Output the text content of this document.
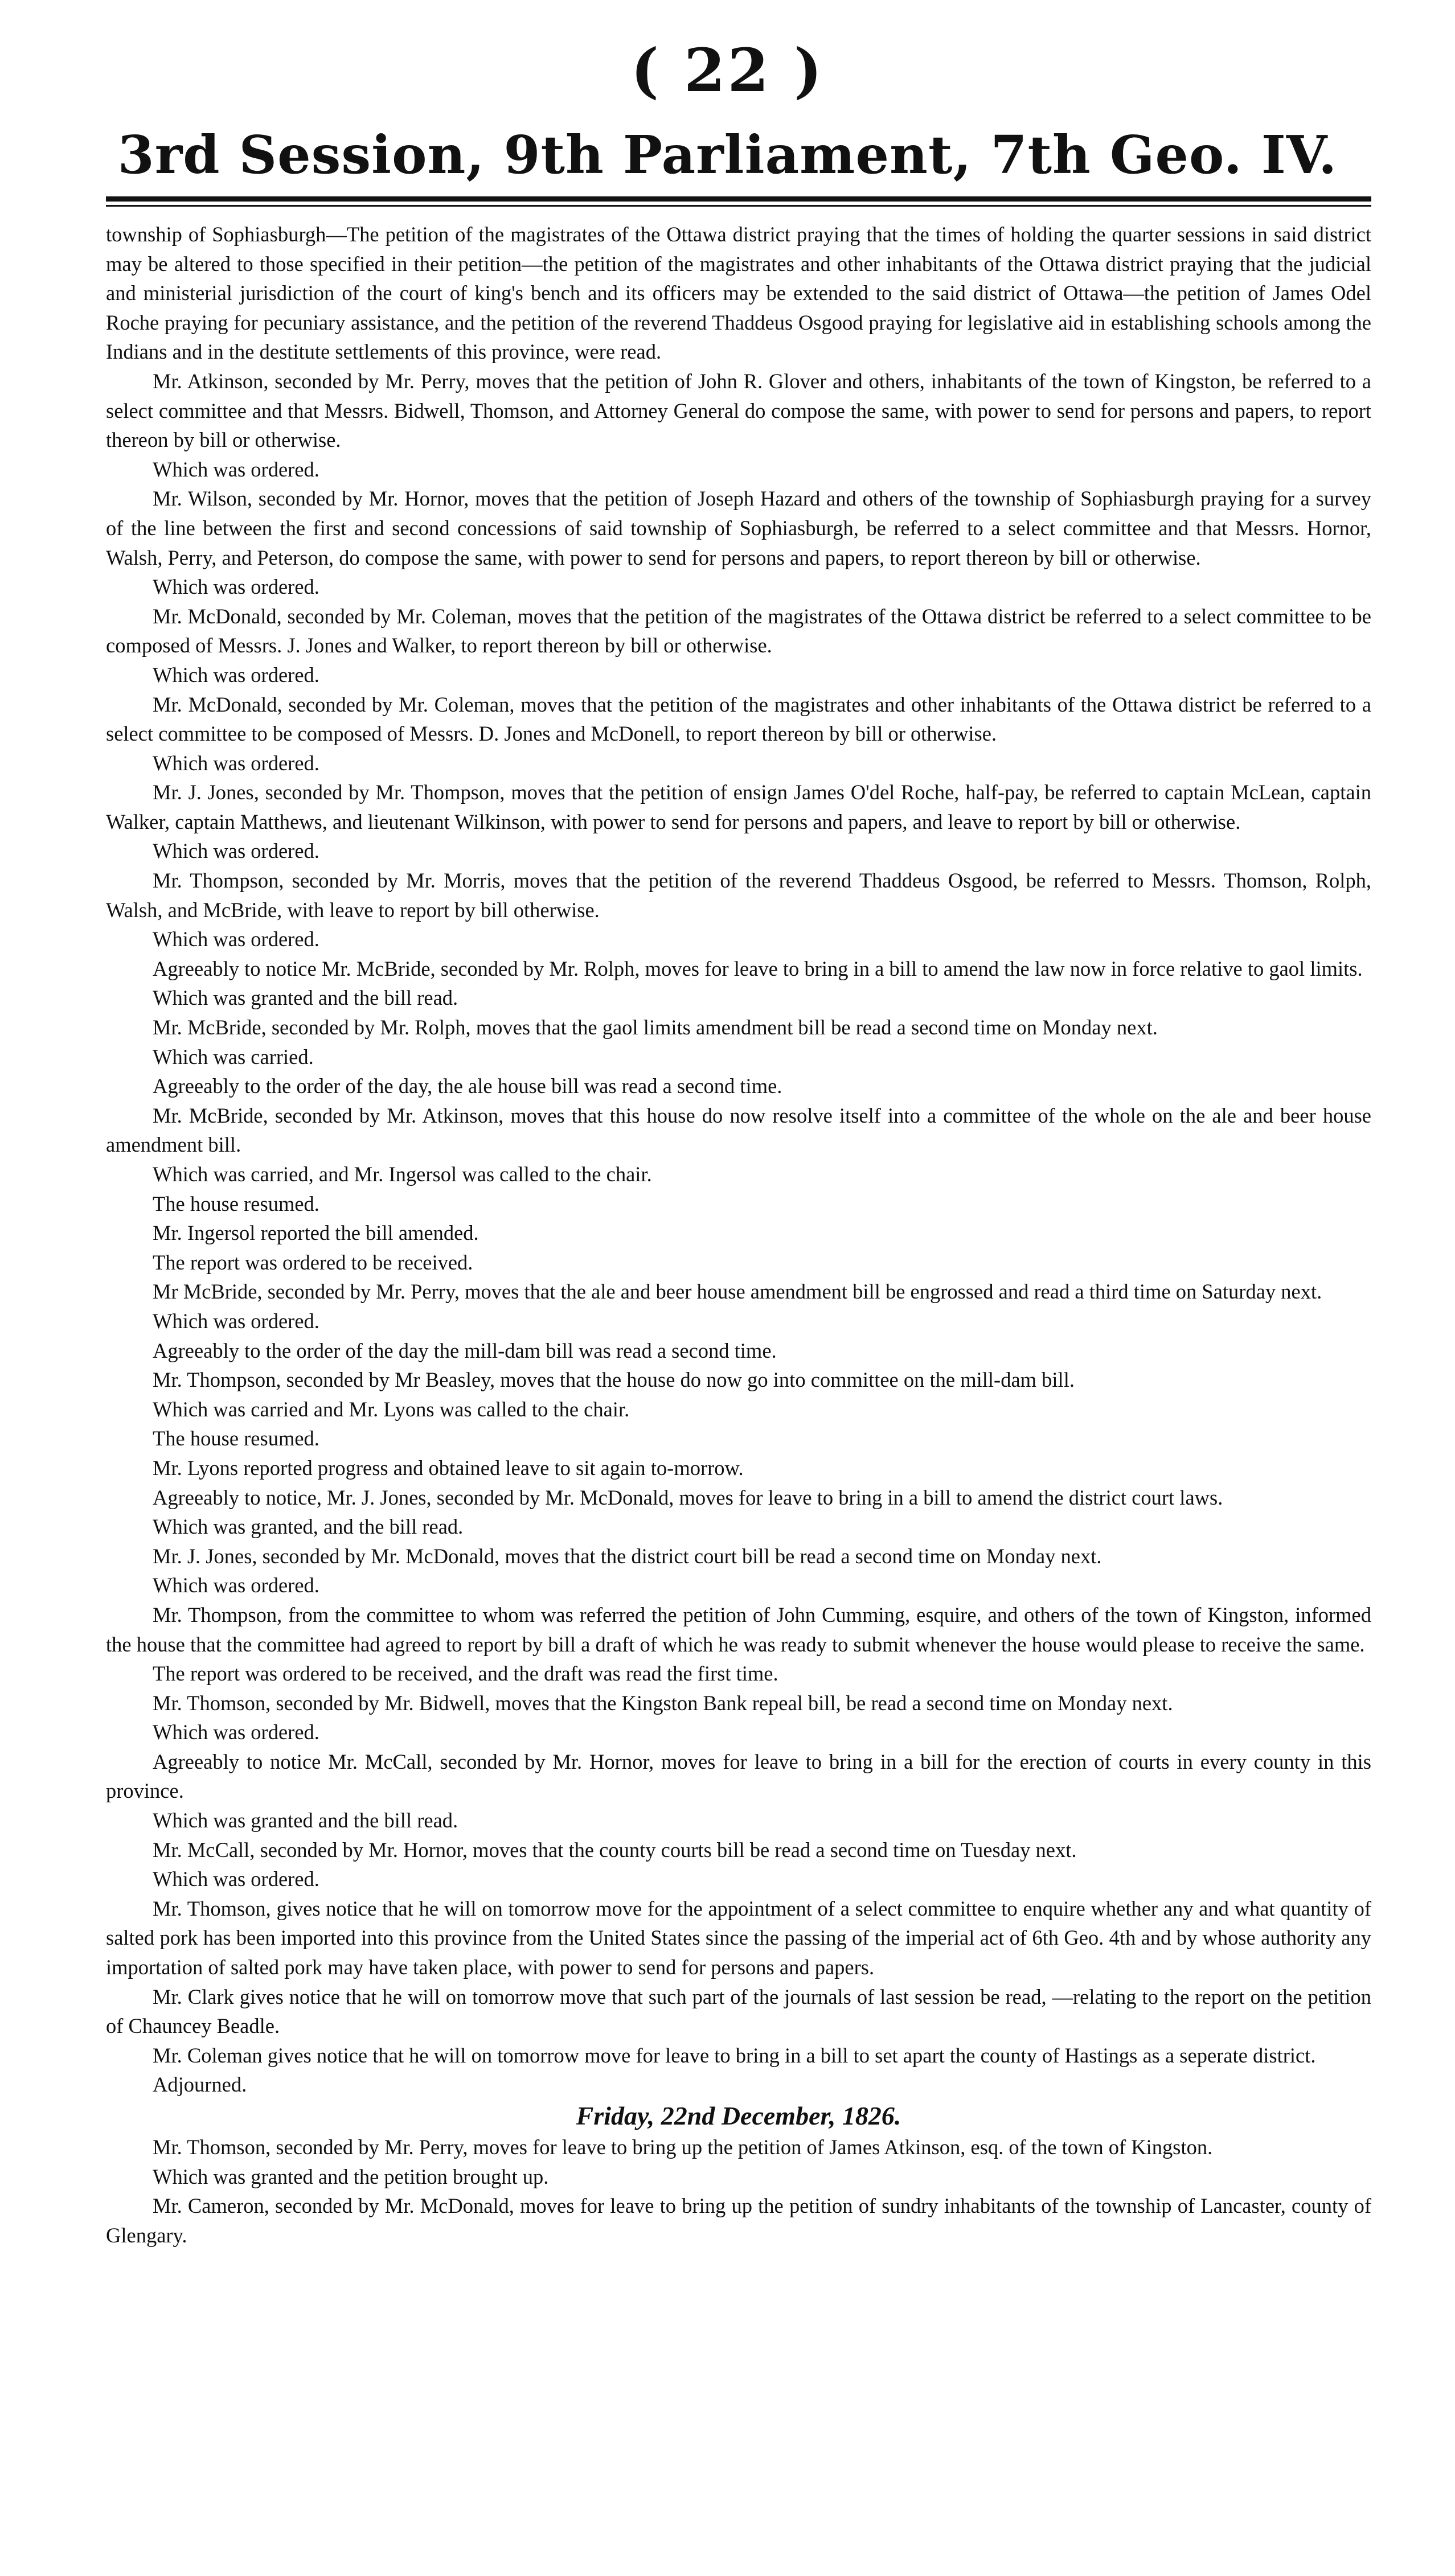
( 22 )
3rd Session, 9th Parliament, 7th Geo. IV.

township of Sophiasburgh—The petition of the magistrates of the Ottawa district praying that the times of holding the quarter sessions in said district may be altered to those specified in their petition—the petition of the magistrates and other inhabitants of the Ottawa district praying that the judicial and ministerial jurisdiction of the court of king's bench and its officers may be extended to the said district of Ottawa—the petition of James Odel Roche praying for pecuniary assistance, and the petition of the reverend Thaddeus Osgood praying for legislative aid in establishing schools among the Indians and in the destitute settlements of this province, were read.

Mr. Atkinson, seconded by Mr. Perry, moves that the petition of John R. Glover and others, inhabitants of the town of Kingston, be referred to a select committee and that Messrs. Bidwell, Thomson, and Attorney General do compose the same, with power to send for persons and papers, to report thereon by bill or otherwise.

Which was ordered.

Mr. Wilson, seconded by Mr. Hornor, moves that the petition of Joseph Hazard and others of the township of Sophiasburgh praying for a survey of the line between the first and second concessions of said township of Sophiasburgh, be referred to a select committee and that Messrs. Hornor, Walsh, Perry, and Peterson, do compose the same, with power to send for persons and papers, to report thereon by bill or otherwise.

Which was ordered.

Mr. McDonald, seconded by Mr. Coleman, moves that the petition of the magistrates of the Ottawa district be referred to a select committee to be composed of Messrs. J. Jones and Walker, to report thereon by bill or otherwise.

Which was ordered.

Mr. McDonald, seconded by Mr. Coleman, moves that the petition of the magistrates and other inhabitants of the Ottawa district be referred to a select committee to be composed of Messrs. D. Jones and McDonell, to report thereon by bill or otherwise.

Which was ordered.

Mr. J. Jones, seconded by Mr. Thompson, moves that the petition of ensign James O'del Roche, half-pay, be referred to captain McLean, captain Walker, captain Matthews, and lieutenant Wilkinson, with power to send for persons and papers, and leave to report by bill or otherwise.

Which was ordered.

Mr. Thompson, seconded by Mr. Morris, moves that the petition of the reverend Thaddeus Osgood, be referred to Messrs. Thomson, Rolph, Walsh, and McBride, with leave to report by bill otherwise.

Which was ordered.

Agreeably to notice Mr. McBride, seconded by Mr. Rolph, moves for leave to bring in a bill to amend the law now in force relative to gaol limits.

Which was granted and the bill read.

Mr. McBride, seconded by Mr. Rolph, moves that the gaol limits amendment bill be read a second time on Monday next.

Which was carried.

Agreeably to the order of the day, the ale house bill was read a second time.

Mr. McBride, seconded by Mr. Atkinson, moves that this house do now resolve itself into a committee of the whole on the ale and beer house amendment bill.

Which was carried, and Mr. Ingersol was called to the chair.

The house resumed.

Mr. Ingersol reported the bill amended.

The report was ordered to be received.

Mr McBride, seconded by Mr. Perry, moves that the ale and beer house amendment bill be engrossed and read a third time on Saturday next.

Which was ordered.

Agreeably to the order of the day the mill-dam bill was read a second time.

Mr. Thompson, seconded by Mr Beasley, moves that the house do now go into committee on the mill-dam bill.

Which was carried and Mr. Lyons was called to the chair.

The house resumed.

Mr. Lyons reported progress and obtained leave to sit again to-morrow.

Agreeably to notice, Mr. J. Jones, seconded by Mr. McDonald, moves for leave to bring in a bill to amend the district court laws.

Which was granted, and the bill read.

Mr. J. Jones, seconded by Mr. McDonald, moves that the district court bill be read a second time on Monday next.

Which was ordered.

Mr. Thompson, from the committee to whom was referred the petition of John Cumming, esquire, and others of the town of Kingston, informed the house that the committee had agreed to report by bill a draft of which he was ready to submit whenever the house would please to receive the same.

The report was ordered to be received, and the draft was read the first time.

Mr. Thomson, seconded by Mr. Bidwell, moves that the Kingston Bank repeal bill, be read a second time on Monday next.

Which was ordered.

Agreeably to notice Mr. McCall, seconded by Mr. Hornor, moves for leave to bring in a bill for the erection of courts in every county in this province.

Which was granted and the bill read.

Mr. McCall, seconded by Mr. Hornor, moves that the county courts bill be read a second time on Tuesday next.

Which was ordered.

Mr. Thomson, gives notice that he will on tomorrow move for the appointment of a select committee to enquire whether any and what quantity of salted pork has been imported into this province from the United States since the passing of the imperial act of 6th Geo. 4th and by whose authority any importation of salted pork may have taken place, with power to send for persons and papers.

Mr. Clark gives notice that he will on tomorrow move that such part of the journals of last session be read, —relating to the report on the petition of Chauncey Beadle.

Mr. Coleman gives notice that he will on tomorrow move for leave to bring in a bill to set apart the county of Hastings as a seperate district.

Adjourned.

Friday, 22nd December, 1826.

Mr. Thomson, seconded by Mr. Perry, moves for leave to bring up the petition of James Atkinson, esq. of the town of Kingston.

Which was granted and the petition brought up.

Mr. Cameron, seconded by Mr. McDonald, moves for leave to bring up the petition of sundry inhabitants of the township of Lancaster, county of Glengary.
